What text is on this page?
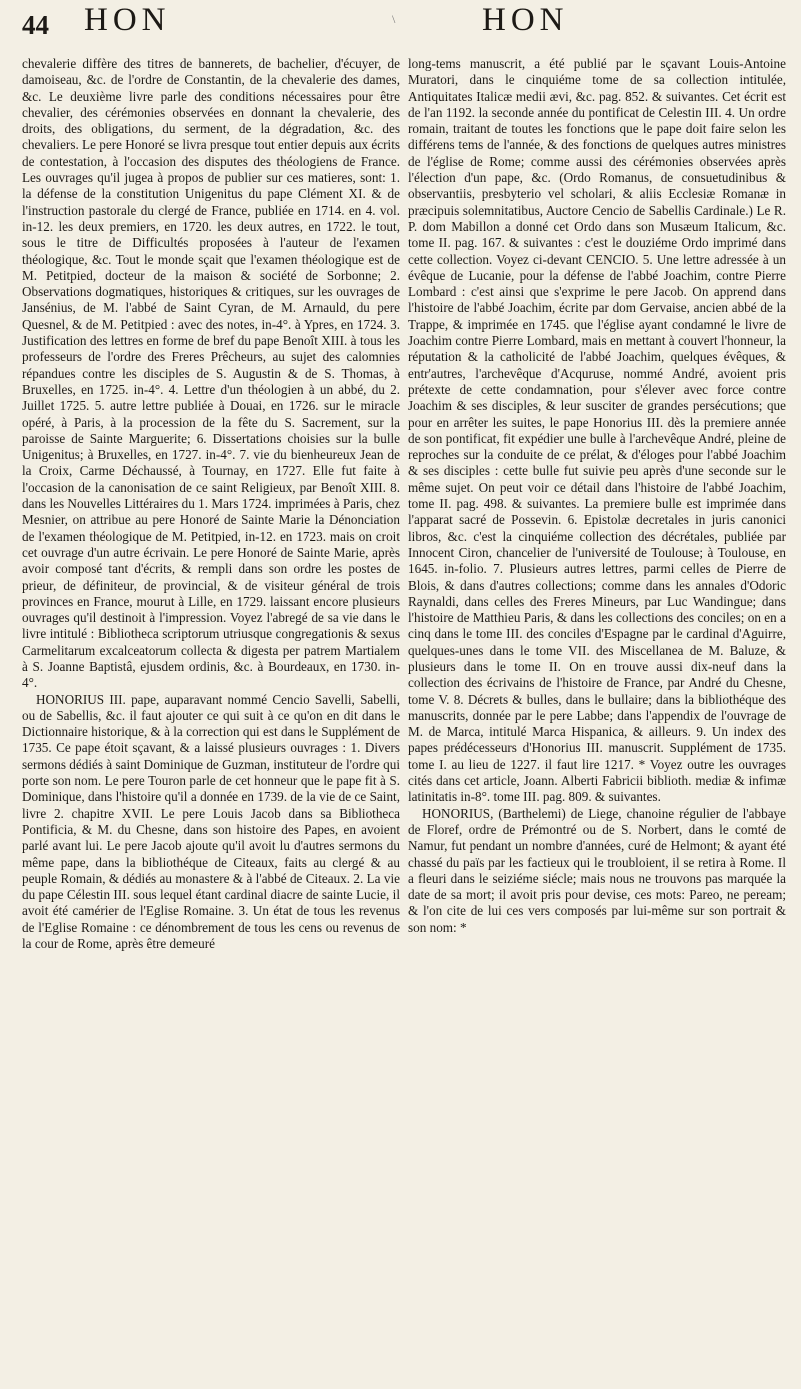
44 HON	\	HON

chevalerie diffère des titres de bannerets, de bachelier, d'écuyer, de damoiseau, &c. de l'ordre de Constantin, de la chevalerie des dames, &c. Le deuxième livre parle des conditions nécessaires pour être chevalier, des cérémonies observées en donnant la chevalerie, des droits, des obligations, du serment, de la dégradation, &c. des chevaliers. Le pere Honoré se livra presque tout entier depuis aux écrits de contestation, à l'occasion des disputes des théologiens de France. Les ouvrages qu'il jugea à propos de publier sur ces matieres, sont: 1. la défense de la constitution Unigenitus du pape Clément XI. & de l'instruction pastorale du clergé de France, publiée en 1714. en 4. vol. in-12. les deux premiers, en 1720. les deux autres, en 1722. le tout, sous le titre de Difficultés proposées à l'auteur de l'examen théologique, &c. Tout le monde sçait que l'examen théologique est de M. Petitpied, docteur de la maison & société de Sorbonne; 2. Observations dogmatiques, historiques & critiques, sur les ouvrages de Jansénius, de M. l'abbé de Saint Cyran, de M. Arnauld, du pere Quesnel, & de M. Petitpied : avec des notes, in-4°. à Ypres, en 1724. 3. Justification des lettres en forme de bref du pape Benoît XIII. à tous les professeurs de l'ordre des Freres Prêcheurs, au sujet des calomnies répandues contre les disciples de S. Augustin & de S. Thomas, à Bruxelles, en 1725. in-4°. 4. Lettre d'un théologien à un abbé, du 2. Juillet 1725. 5. autre lettre publiée à Douai, en 1726. sur le miracle opéré, à Paris, à la procession de la fête du S. Sacrement, sur la paroisse de Sainte Marguerite; 6. Dissertations choisies sur la bulle Unigenitus; à Bruxelles, en 1727. in-4°. 7. vie du bienheureux Jean de la Croix, Carme Déchaussé, à Tournay, en 1727. Elle fut faite à l'occasion de la canonisation de ce saint Religieux, par Benoît XIII. 8. dans les Nouvelles Littéraires du 1. Mars 1724. imprimées à Paris, chez Mesnier, on attribue au pere Honoré de Sainte Marie la Dénonciation de l'examen théologique de M. Petitpied, in-12. en 1723. mais on croit cet ouvrage d'un autre écrivain. Le pere Honoré de Sainte Marie, après avoir composé tant d'écrits, & rempli dans son ordre les postes de prieur, de définiteur, de provincial, & de visiteur général de trois provinces en France, mourut à Lille, en 1729. laissant encore plusieurs ouvrages qu'il destinoit à l'impression. Voyez l'abregé de sa vie dans le livre intitulé : Bibliotheca scriptorum utriusque congregationis & sexus Carmelitarum excalceatorum collecta & digesta per patrem Martialem à S. Joanne Baptistâ, ejusdem ordinis, &c. à Bourdeaux, en 1730. in-4°.

HONORIUS III. pape, auparavant nommé Cencio Savelli, Sabelli, ou de Sabellis, &c. il faut ajouter ce qui suit à ce qu'on en dit dans le Dictionnaire historique, & à la correction qui est dans le Supplément de 1735. Ce pape étoit sçavant, & a laissé plusieurs ouvrages : 1. Divers sermons dédiés à saint Dominique de Guzman, instituteur de l'ordre qui porte son nom. Le pere Touron parle de cet honneur que le pape fit à S. Dominique, dans l'histoire qu'il a donnée en 1739. de la vie de ce Saint, livre 2. chapitre XVII. Le pere Louis Jacob dans sa Bibliotheca Pontificia, & M. du Chesne, dans son histoire des Papes, en avoient parlé avant lui. Le pere Jacob ajoute qu'il avoit lu d'autres sermons du même pape, dans la bibliothéque de Citeaux, faits au clergé & au peuple Romain, & dédiés au monastere & à l'abbé de Citeaux. 2. La vie du pape Célestin III. sous lequel étant cardinal diacre de sainte Lucie, il avoit été camérier de l'Eglise Romaine. 3. Un état de tous les revenus de l'Eglise Romaine : ce dénombrement de tous les cens ou revenus de la cour de Rome, après être demeuré

long-tems manuscrit, a été publié par le sçavant Louis-Antoine Muratori, dans le cinquiéme tome de sa collection intitulée, Antiquitates Italicæ medii ævi, &c. pag. 852. & suivantes. Cet écrit est de l'an 1192. la seconde année du pontificat de Celestin III. 4. Un ordre romain, traitant de toutes les fonctions que le pape doit faire selon les différens tems de l'année, & des fonctions de quelques autres ministres de l'église de Rome; comme aussi des cérémonies observées après l'élection d'un pape, &c. (Ordo Romanus, de consuetudinibus & observantiis, presbyterio vel scholari, & aliis Ecclesiæ Romanæ in præcipuis solemnitatibus, Auctore Cencio de Sabellis Cardinale.) Le R. P. dom Mabillon a donné cet Ordo dans son Musæum Italicum, &c. tome II. pag. 167. & suivantes : c'est le douziéme Ordo imprimé dans cette collection. Voyez ci-devant CENCIO. 5. Une lettre adressée à un évêque de Lucanie, pour la défense de l'abbé Joachim, contre Pierre Lombard : c'est ainsi que s'exprime le pere Jacob. On apprend dans l'histoire de l'abbé Joachim, écrite par dom Gervaise, ancien abbé de la Trappe, & imprimée en 1745. que l'église ayant condamné le livre de Joachim contre Pierre Lombard, mais en mettant à couvert l'honneur, la réputation & la catholicité de l'abbé Joachim, quelques évêques, & entr'autres, l'archevêque d'Acquruse, nommé André, avoient pris prétexte de cette condamnation, pour s'élever avec force contre Joachim & ses disciples, & leur susciter de grandes persécutions; que pour en arrêter les suites, le pape Honorius III. dès la premiere année de son pontificat, fit expédier une bulle à l'archevêque André, pleine de reproches sur la conduite de ce prélat, & d'éloges pour l'abbé Joachim & ses disciples : cette bulle fut suivie peu après d'une seconde sur le même sujet. On peut voir ce détail dans l'histoire de l'abbé Joachim, tome II. pag. 498. & suivantes. La premiere bulle est imprimée dans l'apparat sacré de Possevin. 6. Epistolæ decretales in juris canonici libros, &c. c'est la cinquiéme collection des décrétales, publiée par Innocent Ciron, chancelier de l'université de Toulouse; à Toulouse, en 1645. in-folio. 7. Plusieurs autres lettres, parmi celles de Pierre de Blois, & dans d'autres collections; comme dans les annales d'Odoric Raynaldi, dans celles des Freres Mineurs, par Luc Wandingue; dans l'histoire de Matthieu Paris, & dans les collections des conciles; on en a cinq dans le tome III. des conciles d'Espagne par le cardinal d'Aguirre, quelques-unes dans le tome VII. des Miscellanea de M. Baluze, & plusieurs dans le tome II. On en trouve aussi dix-neuf dans la collection des écrivains de l'histoire de France, par André du Chesne, tome V. 8. Décrets & bulles, dans le bullaire; dans la bibliothéque des manuscrits, donnée par le pere Labbe; dans l'appendix de l'ouvrage de M. de Marca, intitulé Marca Hispanica, & ailleurs. 9. Un index des papes prédécesseurs d'Honorius III. manuscrit. Supplément de 1735. tome I. au lieu de 1227. il faut lire 1217. * Voyez outre les ouvrages cités dans cet article, Joann. Alberti Fabricii biblioth. mediæ & infimæ latinitatis in-8°. tome III. pag. 809. & suivantes.

HONORIUS, (Barthelemi) de Liege, chanoine régulier de l'abbaye de Floref, ordre de Prémontré ou de S. Norbert, dans le comté de Namur, fut pendant un nombre d'années, curé de Helmont; & ayant été chassé du païs par les factieux qui le troubloient, il se retira à Rome. Il a fleuri dans le seiziéme siécle; mais nous ne trouvons pas marquée la date de sa mort; il avoit pris pour devise, ces mots: Pareo, ne peream; & l'on cite de lui ces vers composés par lui-même sur son portrait & son nom: *
